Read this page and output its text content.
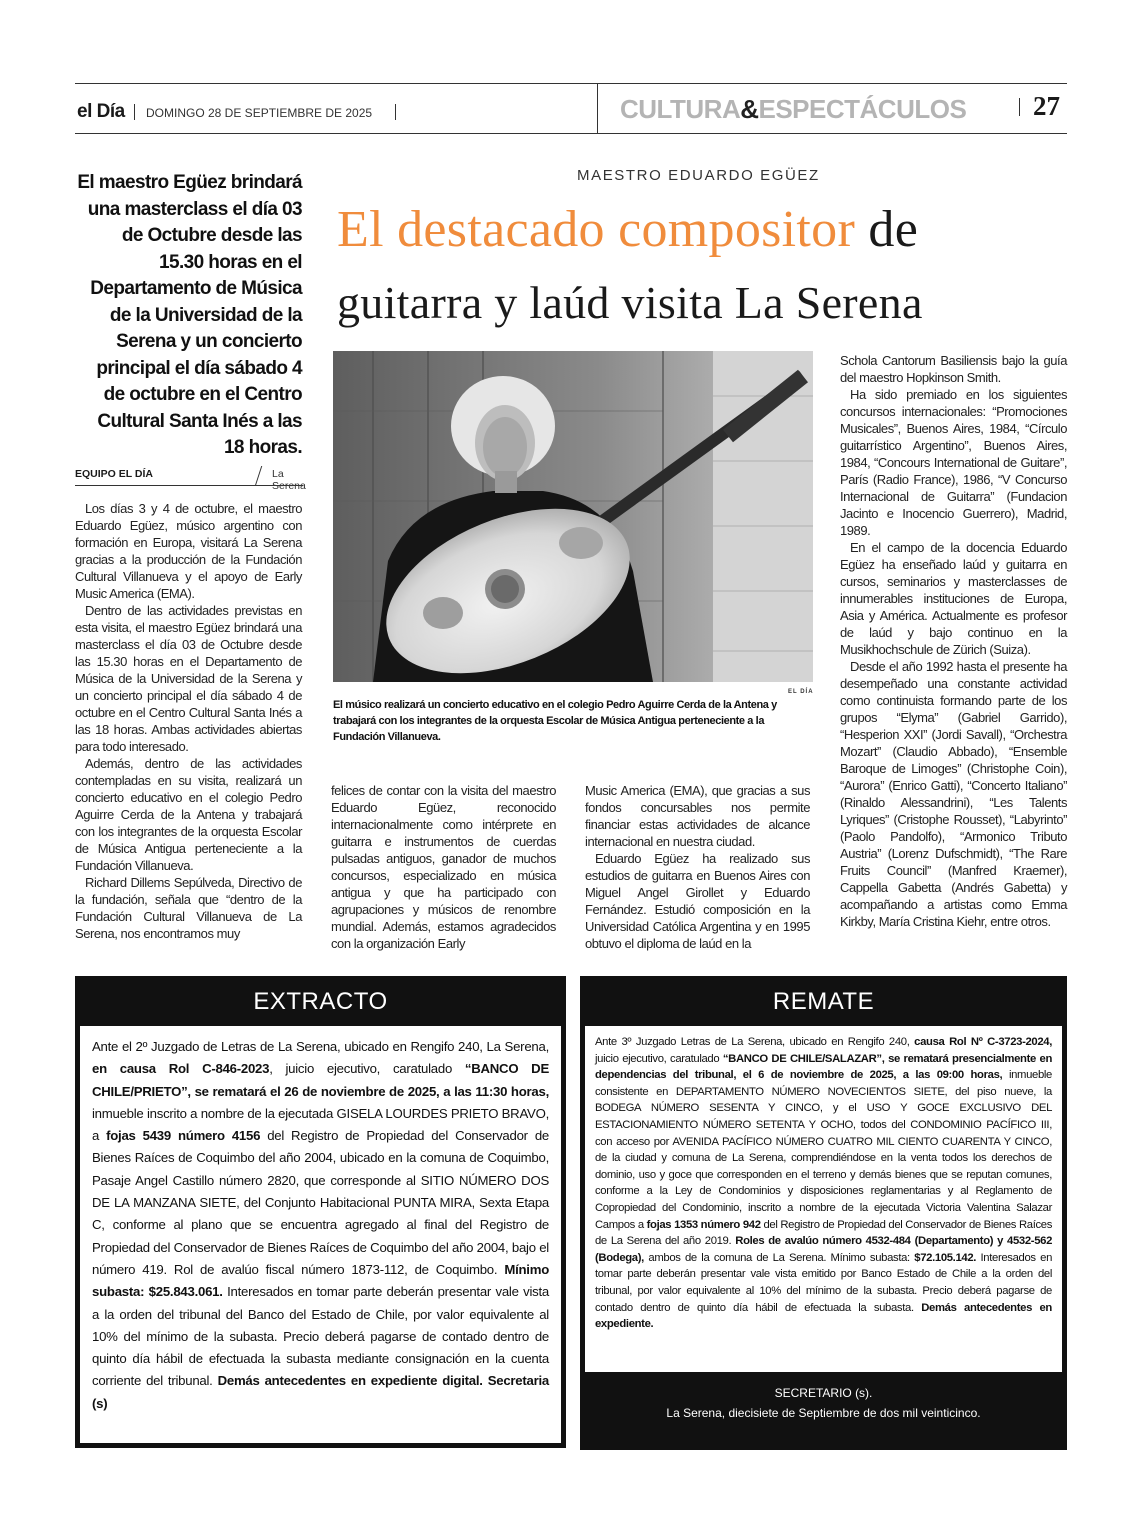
el Día DOMINGO 28 DE SEPTIEMBRE DE 2025	CULTURA&ESPECTÁCULOS 27
El maestro Egüez brindará una masterclass el día 03 de Octubre desde las 15.30 horas en el Departamento de Música de la Universidad de la Serena y un concierto principal el día sábado 4 de octubre en el Centro Cultural Santa Inés a las 18 horas.
EQUIPO EL DÍA	La Serena
MAESTRO EDUARDO EGÜEZ
El destacado compositor de
guitarra y laúd visita La Serena
EL DÍA
El músico realizará un concierto educativo en el colegio Pedro Aguirre Cerda de la Antena y trabajará con los integrantes de la orquesta Escolar de Música Antigua perteneciente a la Fundación Villanueva.

Los días 3 y 4 de octubre, el maestro Eduardo Egüez, músico argentino con formación en Europa, visitará La Serena gracias a la producción de la Fundación Cultural Villanueva y el apoyo de Early Music America (EMA).

Dentro de las actividades previstas en esta visita, el maestro Egüez brindará una masterclass el día 03 de Octubre desde las 15.30 horas en el Departamento de Música de la Universidad de la Serena y un concierto principal el día sábado 4 de octubre en el Centro Cultural Santa Inés a las 18 horas. Ambas actividades abiertas para todo interesado.

Además, dentro de las actividades contempladas en su visita, realizará un concierto educativo en el colegio Pedro Aguirre Cerda de la Antena y trabajará con los integrantes de la orquesta Escolar de Música Antigua perteneciente a la Fundación Villanueva.

Richard Dillems Sepúlveda, Directivo de la fundación, señala que “dentro de la Fundación Cultural Villanueva de La Serena, nos encontramos muy

felices de contar con la visita del maestro Eduardo Egüez, reconocido internacionalmente como intérprete en guitarra e instrumentos de cuerdas pulsadas antiguos, ganador de muchos concursos, especializado en música antigua y que ha participado con agrupaciones y músicos de renombre mundial. Además, estamos agradecidos con la organización Early

Music America (EMA), que gracias a sus fondos concursables nos permite financiar estas actividades de alcance internacional en nuestra ciudad.

Eduardo Egüez ha realizado sus estudios de guitarra en Buenos Aires con Miguel Angel Girollet y Eduardo Fernández. Estudió composición en la Universidad Católica Argentina y en 1995 obtuvo el diploma de laúd en la

Schola Cantorum Basiliensis bajo la guía del maestro Hopkinson Smith.

Ha sido premiado en los siguientes concursos internacionales: “Promociones Musicales”, Buenos Aires, 1984, “Círculo guitarrístico Argentino”, Buenos Aires, 1984, “Concours International de Guitare”, París (Radio France), 1986, “V Concurso Internacional de Guitarra” (Fundacion Jacinto e Inocencio Guerrero), Madrid, 1989.

En el campo de la docencia Eduardo Egüez ha enseñado laúd y guitarra en cursos, seminarios y masterclasses de innumerables instituciones de Europa, Asia y América. Actualmente es profesor de laúd y bajo continuo en la Musikhochschule de Zürich (Suiza).

Desde el año 1992 hasta el presente ha desempeñado una constante actividad como continuista formando parte de los grupos “Elyma” (Gabriel Garrido), “Hesperion XXI” (Jordi Savall), “Orchestra Mozart” (Claudio Abbado), “Ensemble Baroque de Limoges” (Christophe Coin), “Aurora” (Enrico Gatti), “Concerto Italiano” (Rinaldo Alessandrini), “Les Talents Lyriques” (Cristophe Rousset), “Labyrinto” (Paolo Pandolfo), “Armonico Tributo Austria” (Lorenz Dufschmidt), “The Rare Fruits Council” (Manfred Kraemer), Cappella Gabetta (Andrés Gabetta) y acompañando a artistas como Emma Kirkby, María Cristina Kiehr, entre otros.

EXTRACTO
Ante el 2º Juzgado de Letras de La Serena, ubicado en Rengifo 240, La Serena, en causa Rol C-846-2023, juicio ejecutivo, caratulado “BANCO DE CHILE/PRIETO”, se rematará el 26 de noviembre de 2025, a las 11:30 horas, inmueble inscrito a nombre de la ejecutada GISELA LOURDES PRIETO BRAVO, a fojas 5439 número 4156 del Registro de Propiedad del Conservador de Bienes Raíces de Coquimbo del año 2004, ubicado en la comuna de Coquimbo, Pasaje Angel Castillo número 2820, que corresponde al SITIO NÚMERO DOS DE LA MANZANA SIETE, del Conjunto Habitacional PUNTA MIRA, Sexta Etapa C, conforme al plano que se encuentra agregado al final del Registro de Propiedad del Conservador de Bienes Raíces de Coquimbo del año 2004, bajo el número 419. Rol de avalúo fiscal número 1873-112, de Coquimbo. Mínimo subasta: $25.843.061. Interesados en tomar parte deberán presentar vale vista a la orden del tribunal del Banco del Estado de Chile, por valor equivalente al 10% del mínimo de la subasta. Precio deberá pagarse de contado dentro de quinto día hábil de efectuada la subasta mediante consignación en la cuenta corriente del tribunal. Demás antecedentes en expediente digital. Secretaria (s)
REMATE
Ante 3º Juzgado Letras de La Serena, ubicado en Rengifo 240, causa Rol Nº C-3723-2024, juicio ejecutivo, caratulado “BANCO DE CHILE/SALAZAR”, se rematará presencialmente en dependencias del tribunal, el 6 de noviembre de 2025, a las 09:00 horas, inmueble consistente en DEPARTAMENTO NÚMERO NOVECIENTOS SIETE, del piso nueve, la BODEGA NÚMERO SESENTA Y CINCO, y el USO Y GOCE EXCLUSIVO DEL ESTACIONAMIENTO NÚMERO SETENTA Y OCHO, todos del CONDOMINIO PACÍFICO III, con acceso por AVENIDA PACÍFICO NÚMERO CUATRO MIL CIENTO CUARENTA Y CINCO, de la ciudad y comuna de La Serena, comprendiéndose en la venta todos los derechos de dominio, uso y goce que corresponden en el terreno y demás bienes que se reputan comunes, conforme a la Ley de Condominios y disposiciones reglamentarias y al Reglamento de Copropiedad del Condominio, inscrito a nombre de la ejecutada Victoria Valentina Salazar Campos a fojas 1353 número 942 del Registro de Propiedad del Conservador de Bienes Raíces de La Serena del año 2019. Roles de avalúo número 4532-484 (Departamento) y 4532-562 (Bodega), ambos de la comuna de La Serena. Mínimo subasta: $72.105.142. Interesados en tomar parte deberán presentar vale vista emitido por Banco Estado de Chile a la orden del tribunal, por valor equivalente al 10% del mínimo de la subasta. Precio deberá pagarse de contado dentro de quinto día hábil de efectuada la subasta. Demás antecedentes en expediente.
SECRETARIO (s).
La Serena, diecisiete de Septiembre de dos mil veinticinco.
